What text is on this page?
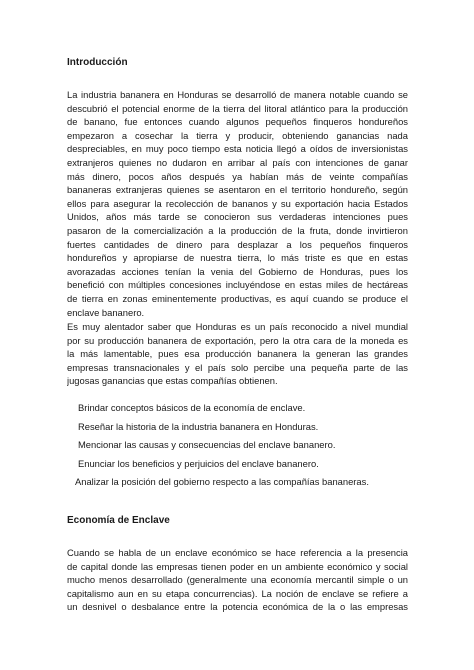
Introducción
La industria bananera en Honduras se desarrolló de manera notable cuando se
descubrió el potencial enorme de la tierra del litoral atlántico para la producción
de banano, fue entonces cuando algunos pequeños finqueros hondureños
empezaron a cosechar la tierra y producir, obteniendo ganancias nada
despreciables, en muy poco tiempo esta noticia llegó a oídos de inversionistas
extranjeros quienes no dudaron en arribar al país con intenciones de ganar
más dinero, pocos años después ya habían más de veinte compañías
bananeras extranjeras quienes se asentaron en el territorio hondureño, según
ellos para asegurar la recolección de bananos y su exportación hacia Estados
Unidos, años más tarde se conocieron sus verdaderas intenciones pues
pasaron de la comercialización a la producción de la fruta, donde invirtieron
fuertes cantidades de dinero para desplazar a los pequeños finqueros
hondureños y apropiarse de nuestra tierra, lo más triste es que en estas
avorazadas acciones tenían la venia del Gobierno de Honduras, pues los
benefició con múltiples concesiones incluyéndose en estas miles de hectáreas
de tierra en zonas eminentemente productivas, es aquí cuando se produce el
enclave bananero.
Es muy alentador saber que Honduras es un país reconocido a nivel mundial
por su producción bananera de exportación, pero la otra cara de la moneda es
la más lamentable, pues esa producción bananera la generan las grandes
empresas transnacionales y el país solo percibe una pequeña parte de las
jugosas ganancias que estas compañías obtienen.
Brindar conceptos básicos de la economía de enclave.
Reseñar la historia de la industria bananera en Honduras.
Mencionar las causas y consecuencias del enclave bananero.
Enunciar los beneficios y perjuicios del enclave bananero.
Analizar la posición del gobierno respecto a las compañías bananeras.
Economía de Enclave
Cuando se habla de un enclave económico se hace referencia a la presencia
de capital donde las empresas tienen poder en un ambiente económico y social
mucho menos desarrollado (generalmente una economía mercantil simple o un
capitalismo aun en su etapa concurrencias). La noción de enclave se refiere a
un desnivel o desbalance entre la potencia económica de la o las empresas
